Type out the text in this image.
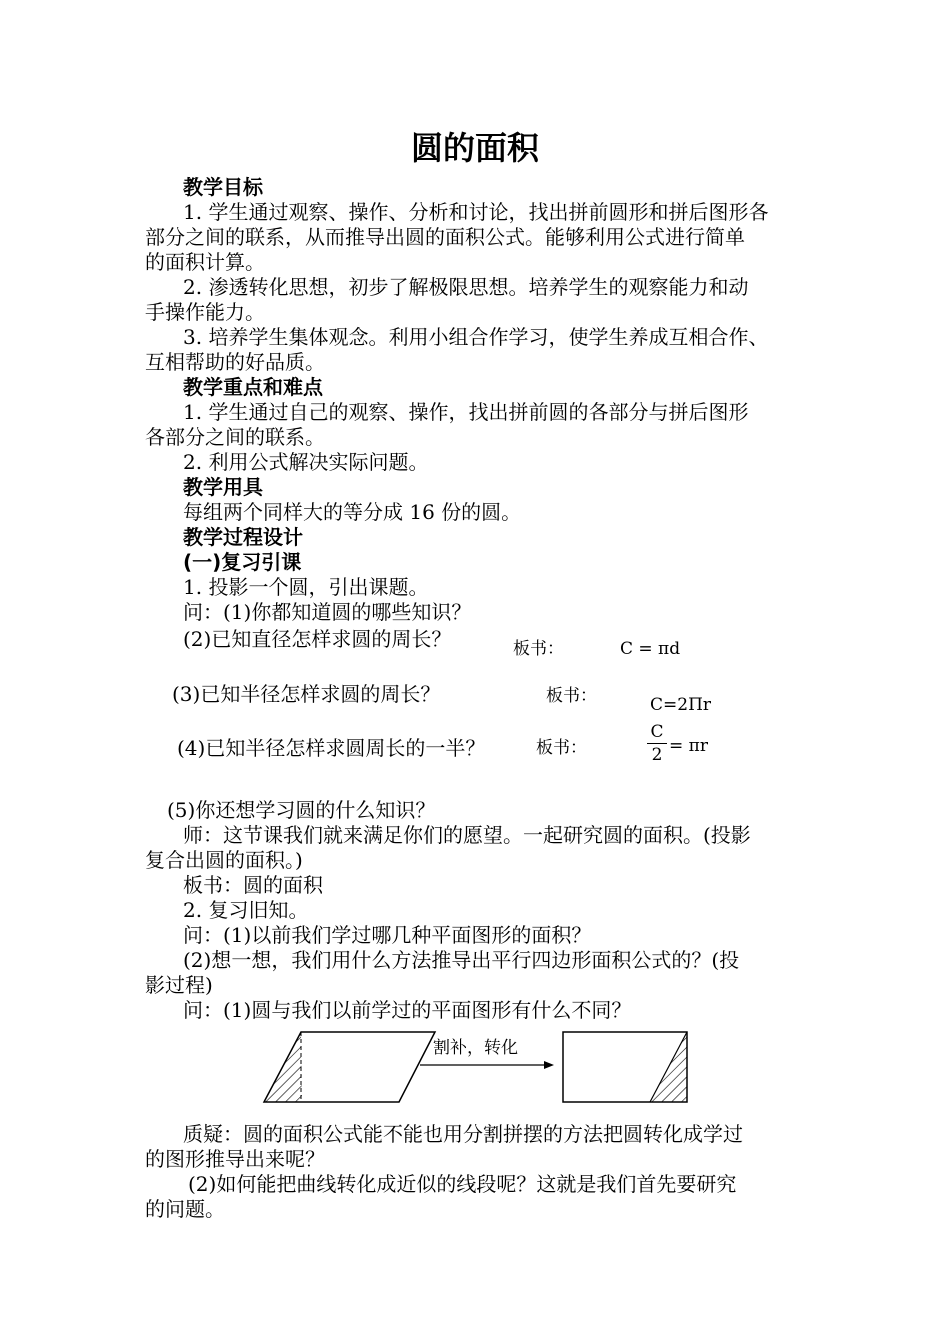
圆的面积
教学目标
1. 学生通过观察、操作、分析和讨论，找出拼前圆形和拼后图形各
部分之间的联系，从而推导出圆的面积公式。能够利用公式进行简单
的面积计算。
2. 渗透转化思想，初步了解极限思想。培养学生的观察能力和动
手操作能力。
3. 培养学生集体观念。利用小组合作学习，使学生养成互相合作、
互相帮助的好品质。
教学重点和难点
1. 学生通过自己的观察、操作，找出拼前圆的各部分与拼后图形
各部分之间的联系。
2. 利用公式解决实际问题。
教学用具
每组两个同样大的等分成 16 份的圆。
教学过程设计
(一)复习引课
1. 投影一个圆，引出课题。
问：(1)你都知道圆的哪些知识？
(2)已知直径怎样求圆的周长？	板书：	C = πd
(3)已知半径怎样求圆的周长？	板书：	C=2Πr
(4)已知半径怎样求圆周长的一半？	板书：
C
2 = πr
(5)你还想学习圆的什么知识？
师：这节课我们就来满足你们的愿望。一起研究圆的面积。(投影
复合出圆的面积。)
板书：圆的面积
2. 复习旧知。
问：(1)以前我们学过哪几种平面图形的面积？
(2)想一想，我们用什么方法推导出平行四边形面积公式的？(投
影过程)
问：(1)圆与我们以前学过的平面图形有什么不同？
割补，转化
质疑：圆的面积公式能不能也用分割拼摆的方法把圆转化成学过
的图形推导出来呢？
(2)如何能把曲线转化成近似的线段呢？这就是我们首先要研究
的问题。
